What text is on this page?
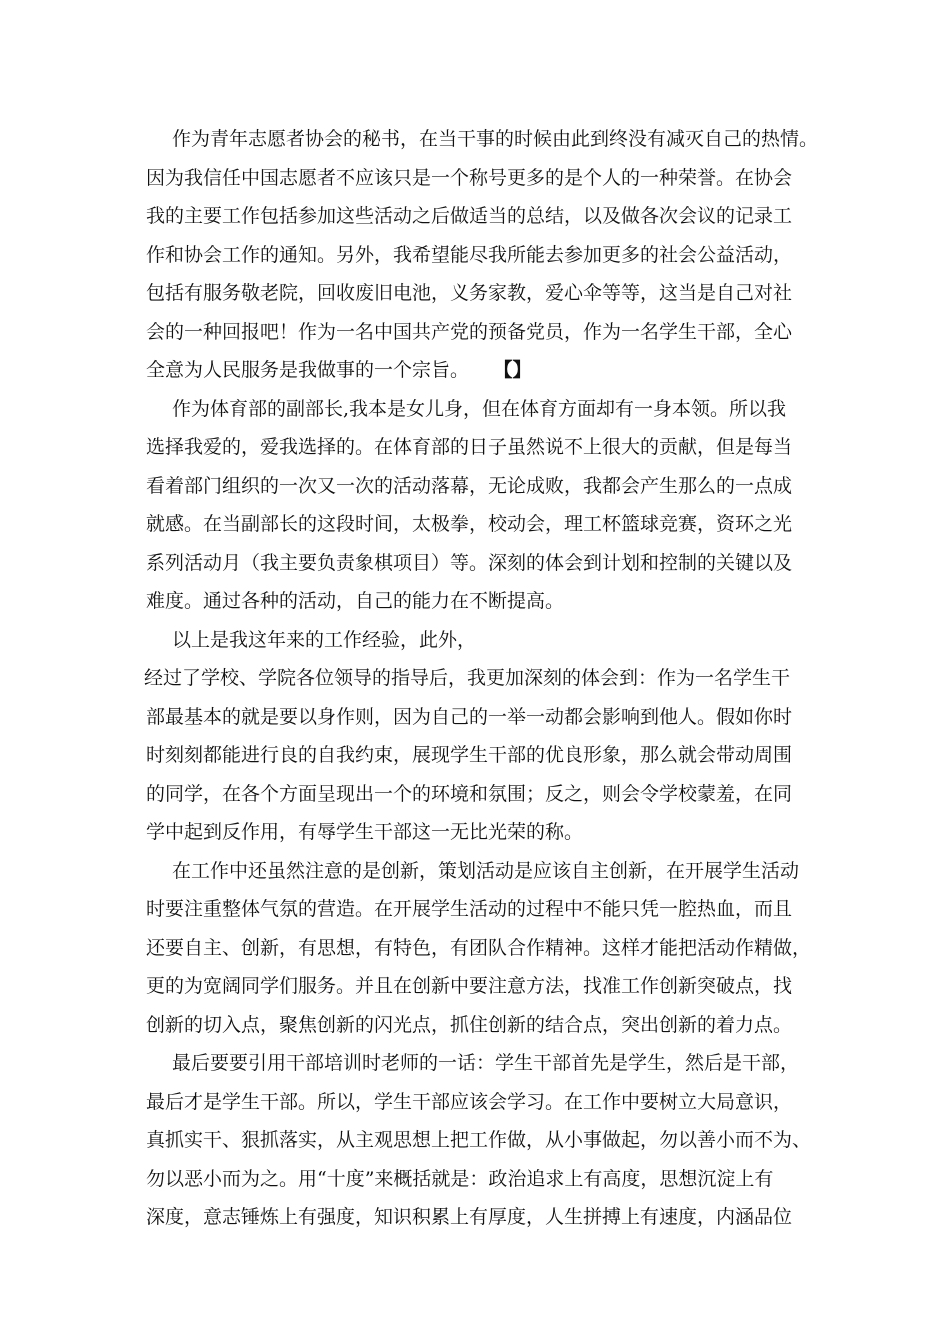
作为青年志愿者协会的秘书，在当干事的时候由此到终没有减灭自己的热情。
因为我信任中国志愿者不应该只是一个称号更多的是个人的一种荣誉。在协会
我的主要工作包括参加这些活动之后做适当的总结，以及做各次会议的记录工
作和协会工作的通知。另外，我希望能尽我所能去参加更多的社会公益活动，
包括有服务敬老院，回收废旧电池，义务家教，爱心伞等等，这当是自己对社
会的一种回报吧！作为一名中国共产党的预备党员，作为一名学生干部，全心
全意为人民服务是我做事的一个宗旨。 【】
作为体育部的副部长,我本是女儿身，但在体育方面却有一身本领。所以我
选择我爱的，爱我选择的。在体育部的日子虽然说不上很大的贡献，但是每当
看着部门组织的一次又一次的活动落幕，无论成败，我都会产生那么的一点成
就感。在当副部长的这段时间，太极拳，校动会，理工杯篮球竞赛，资环之光
系列活动月（我主要负责象棋项目）等。深刻的体会到计划和控制的关键以及
难度。通过各种的活动，自己的能力在不断提高。
以上是我这年来的工作经验，此外，
经过了学校、学院各位领导的指导后，我更加深刻的体会到：作为一名学生干
部最基本的就是要以身作则，因为自己的一举一动都会影响到他人。假如你时
时刻刻都能进行良的自我约束，展现学生干部的优良形象，那么就会带动周围
的同学，在各个方面呈现出一个的环境和氛围；反之，则会令学校蒙羞，在同
学中起到反作用，有辱学生干部这一无比光荣的称。
在工作中还虽然注意的是创新，策划活动是应该自主创新，在开展学生活动
时要注重整体气氛的营造。在开展学生活动的过程中不能只凭一腔热血，而且
还要自主、创新，有思想，有特色，有团队合作精神。这样才能把活动作精做，
更的为宽阔同学们服务。并且在创新中要注意方法，找准工作创新突破点，找
创新的切入点，聚焦创新的闪光点，抓住创新的结合点，突出创新的着力点。
最后要要引用干部培训时老师的一话：学生干部首先是学生，然后是干部，
最后才是学生干部。所以，学生干部应该会学习。在工作中要树立大局意识，
真抓实干、狠抓落实，从主观思想上把工作做，从小事做起，勿以善小而不为、
勿以恶小而为之。用“十度”来概括就是：政治追求上有高度，思想沉淀上有
深度，意志锤炼上有强度，知识积累上有厚度，人生拼搏上有速度，内涵品位
